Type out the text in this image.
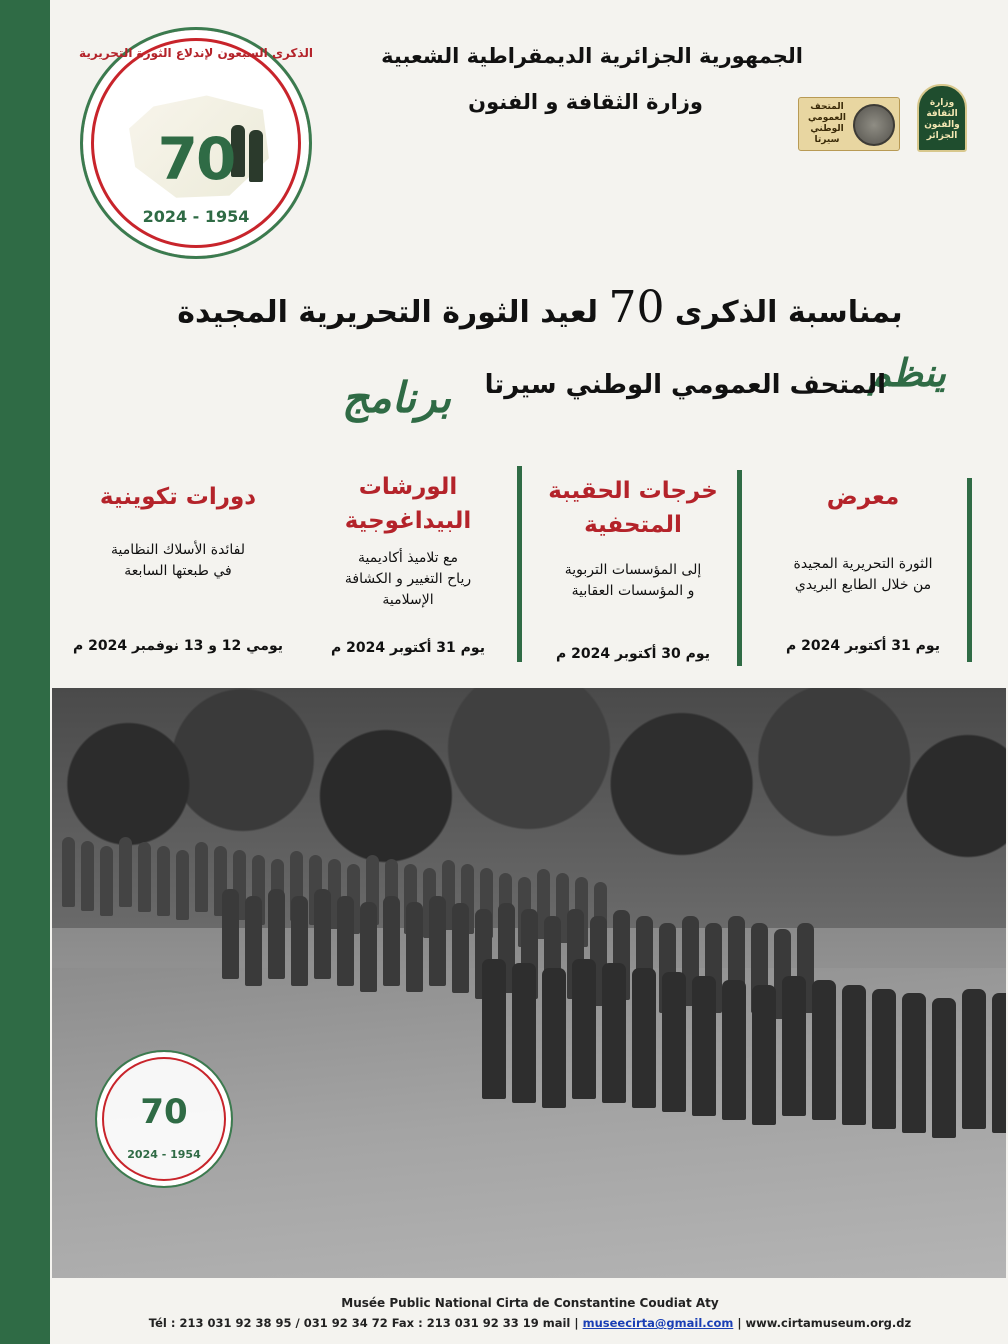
الذكرى السبعون لإندلاع الثورة التحريرية
70
2024 - 1954
الجمهورية الجزائرية الديمقراطية الشعبية
وزارة الثقافة و الفنون	المتحف العمومي الوطني سيرتا
وزارة الثقافة والفنون الجزائر
بمناسبة الذكرى 70 لعيد الثورة التحريرية المجيدة
ينظم
المتحف العمومي الوطني سيرتا
برنامج
معرض
الثورة التحريرية المجيدة
من خلال الطابع البريدي
يوم 31 أكتوبر 2024 م
خرجات الحقيبة
المتحفية
إلى المؤسسات التربوية
و المؤسسات العقابية
يوم 30 أكتوبر 2024 م
الورشات
البيداغوجية
مع تلاميذ أكاديمية
رياح التغيير و الكشافة
الإسلامية
يوم 31 أكتوبر 2024 م
دورات تكوينية
لفائدة الأسلاك النظامية
في طبعتها السابعة
يومي 12 و 13 نوفمبر 2024 م
70
2024 - 1954
Musée Public National Cirta de Constantine Coudiat Aty
Tél : 213 031 92 38 95 / 031 92 34 72 Fax : 213 031 92 33 19 mail | museecirta@gmail.com | www.cirtamuseum.org.dz
